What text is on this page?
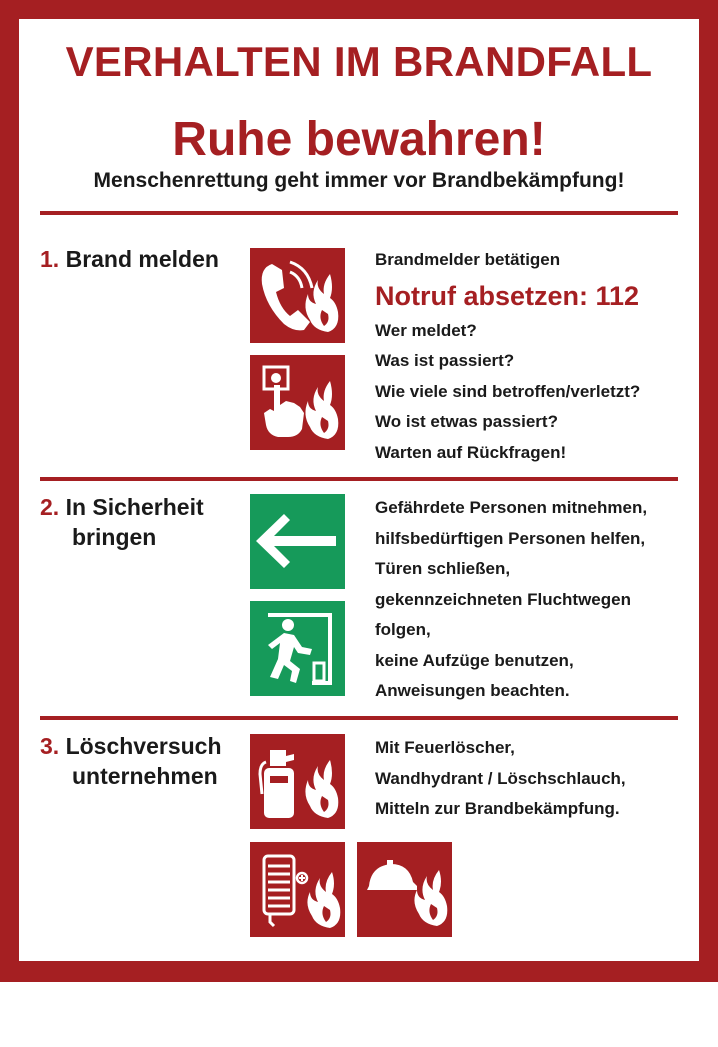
VERHALTEN IM BRANDFALL
Ruhe bewahren!
Menschenrettung geht immer vor Brandbekämpfung!
1. Brand melden	Brandmelder betätigen
Notruf absetzen: 112
Wer meldet?
Was ist passiert?
Wie viele sind betroffen/verletzt?
Wo ist etwas passiert?
Warten auf Rückfragen!
2. In Sicherheit
bringen
Gefährdete Personen mitnehmen,
hilfsbedürftigen Personen helfen,
Türen schließen,
gekennzeichneten Fluchtwegen
folgen,
keine Aufzüge benutzen,
Anweisungen beachten.
3. Löschversuch
unternehmen
Mit Feuerlöscher,
Wandhydrant / Löschschlauch,
Mitteln zur Brandbekämpfung.
